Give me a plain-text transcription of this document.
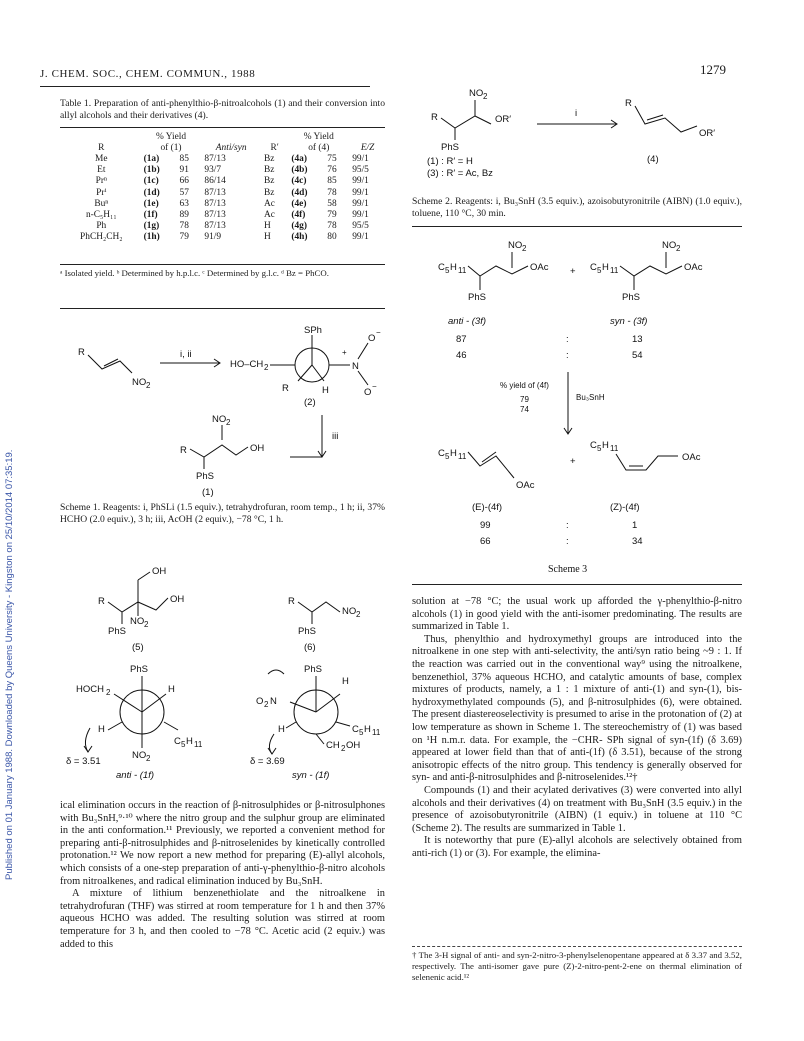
Published on 01 January 1988. Downloaded by Queens University - Kingston on 25/10/2014 07:35:19.
J. CHEM. SOC., CHEM. COMMUN., 1988	1279
Table 1. Preparation of anti-phenylthio-β-nitroalcohols (1) and their conversion into allyl alcohols and their derivatives (4).
	% Yield				% Yield		
R	of (1)		Anti/syn	R′	of (4)		E/Z
Me	(1a)	85	87/13	Bz	(4a)	75	99/1
Et	(1b)	91	93/7	Bz	(4b)	76	95/5
Prⁿ	(1c)	66	86/14	Bz	(4c)	85	99/1
Prⁱ	(1d)	57	87/13	Bz	(4d)	78	99/1
Buⁿ	(1e)	63	87/13	Ac	(4e)	58	99/1
n-C₅H₁₁	(1f)	89	87/13	Ac	(4f)	79	99/1
Ph	(1g)	78	87/13	H	(4g)	78	95/5
PhCH₂CH₂	(1h)	79	91/9	H	(4h)	80	99/1
ᵃ Isolated yield. ᵇ Determined by h.p.l.c. ᶜ Determined by g.l.c. ᵈ Bz = PhCO.
R
NO 2
i, ii
HO–CH 2
SPh
R	H
N
+
O
−
O
−
(2)
iii
NO 2
R	OH
PhS
(1)
Scheme 1. Reagents: i, PhSLi (1.5 equiv.), tetrahydrofuran, room temp., 1 h; ii, 37% HCHO (2.0 equiv.), 3 h; iii, AcOH (2 equiv.), −78 °C, 1 h.
OH
R	OH
PhS
NO 2
(5)
R
NO 2
PhS
(6)
PhS
HOCH 2	H
NO 2
H
C 5 H 11
δ = 3.51
anti - (1f)
PhS
H
O 2 N
H	C 5 H 11
CH 2 OH
δ = 3.69
syn - (1f)

ical elimination occurs in the reaction of β-nitrosulphides or β-nitrosulphones with Bu₃SnH,⁹·¹⁰ where the nitro group and the sulphur group are eliminated in the anti conformation.¹¹ Previously, we reported a convenient method for preparing anti-β-nitrosulphides and β-nitroselenides by kinetically controlled protonation.¹² We now report a new method for preparing (E)-allyl alcohols, which consists of a one-step preparation of anti-γ-phenylthio-β-nitro alcohols from nitroalkenes, and radical elimination induced by Bu₃SnH.

A mixture of lithium benzenethiolate and the nitroalkene in tetrahydrofuran (THF) was stirred at room temperature for 1 h and then 37% aqueous HCHO was added. The resulting solution was stirred at room temperature for 3 h, and then cooled to −78 °C. Acetic acid (2 equiv.) was added to this

NO 2
R	OR′
PhS
(1) : R′ = H
(3) : R′ = Ac, Bz
i
R
OR′
(4)
Scheme 2. Reagents: i, Bu₃SnH (3.5 equiv.), azoisobutyronitrile (AIBN) (1.0 equiv.), toluene, 110 °C, 30 min.
NO 2
C 5 H 11	OAc
PhS
+
NO 2
C 5 H 11	OAc
PhS
anti - (3f)	syn - (3f)
87	:	13
46	:	54
% yield of (4f)
79
74
Bu₃SnH
C 5 H 11
OAc
+
C 5 H 11
OAc
(E)-(4f)	(Z)-(4f)
99	:	1
66	:	34
Scheme 3

solution at −78 °C; the usual work up afforded the γ-phenylthio-β-nitro alcohols (1) in good yield with the anti-isomer predominating. The results are summarized in Table 1.

Thus, phenylthio and hydroxymethyl groups are introduced into the nitroalkene in one step with anti-selectivity, the anti/syn ratio being ~9 : 1. If the reaction was carried out in the conventional way⁹ using the nitroalkene, benzenethiol, 37% aqueous HCHO, and catalytic amounts of base, complex mixtures of products, namely, a 1 : 1 mixture of anti-(1) and syn-(1), bis-hydroxymethylated compounds (5), and β-nitrosulphides (6), were obtained. The present diastereoselectivity is presumed to arise in the protonation of (2) at low temperature as shown in Scheme 1. The stereochemistry of (1) was based on ¹H n.m.r. data. For example, the −CHR- SPh signal of syn-(1f) (δ 3.69) appeared at lower field than that of anti-(1f) (δ 3.51), because of the strong anisotropic effects of the nitro group. This tendency is generally observed for syn- and anti-β-nitrosulphides and β-nitroselenides.¹²†

Compounds (1) and their acylated derivatives (3) were converted into allyl alcohols and their derivatives (4) on treatment with Bu₃SnH (3.5 equiv.) in the presence of azoisobutyronitrile (AIBN) (1 equiv.) in toluene at 110 °C (Scheme 2). The results are summarized in Table 1.

It is noteworthy that pure (E)-allyl alcohols are selectively obtained from anti-rich (1) or (3). For example, the elimina-

† The 3-H signal of anti- and syn-2-nitro-3-phenylselenopentane appeared at δ 3.37 and 3.52, respectively. The anti-isomer gave pure (Z)-2-nitro-pent-2-ene on thermal elimination of selenenic acid.¹²
